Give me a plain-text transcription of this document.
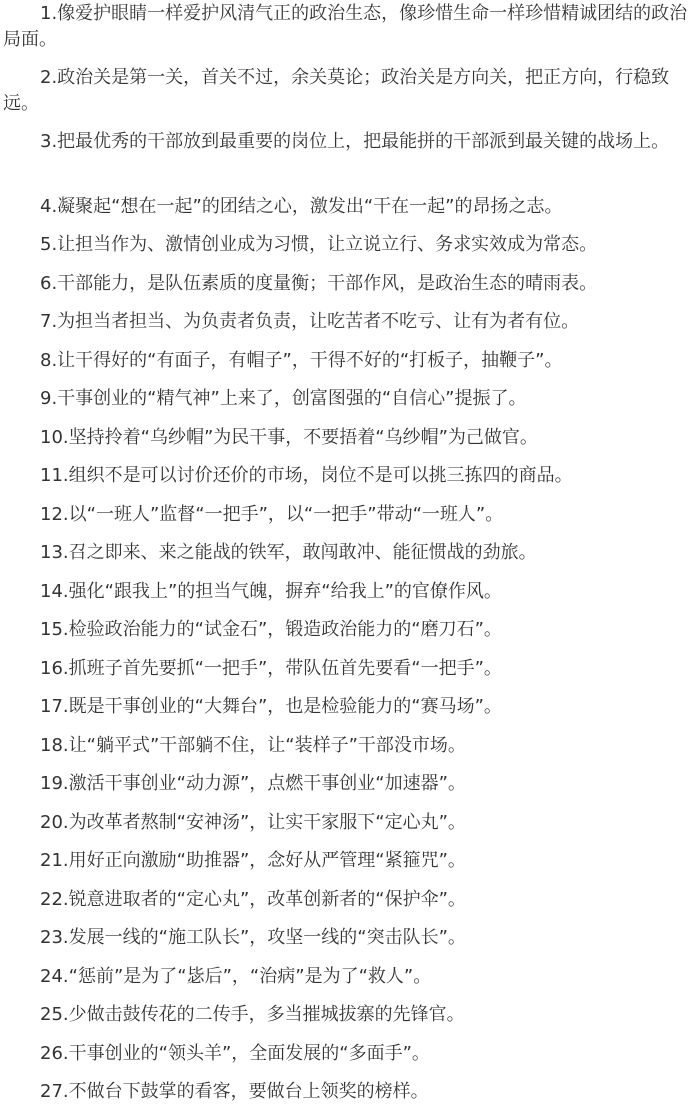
1.像爱护眼睛一样爱护风清气正的政治生态，像珍惜生命一样珍惜精诚团结的政治局面。

2.政治关是第一关，首关不过，余关莫论；政治关是方向关，把正方向，行稳致远。

3.把最优秀的干部放到最重要的岗位上，把最能拼的干部派到最关键的战场上。

4.凝聚起“想在一起”的团结之心，激发出“干在一起”的昂扬之志。

5.让担当作为、激情创业成为习惯，让立说立行、务求实效成为常态。

6.干部能力，是队伍素质的度量衡；干部作风，是政治生态的晴雨表。

7.为担当者担当、为负责者负责，让吃苦者不吃亏、让有为者有位。

8.让干得好的“有面子，有帽子”，干得不好的“打板子，抽鞭子”。

9.干事创业的“精气神”上来了，创富图强的“自信心”提振了。

10.坚持拎着“乌纱帽”为民干事，不要捂着“乌纱帽”为己做官。

11.组织不是可以讨价还价的市场，岗位不是可以挑三拣四的商品。

12.以“一班人”监督“一把手”，以“一把手”带动“一班人”。

13.召之即来、来之能战的铁军，敢闯敢冲、能征惯战的劲旅。

14.强化“跟我上”的担当气魄，摒弃“给我上”的官僚作风。

15.检验政治能力的“试金石”，锻造政治能力的“磨刀石”。

16.抓班子首先要抓“一把手”，带队伍首先要看“一把手”。

17.既是干事创业的“大舞台”，也是检验能力的“赛马场”。

18.让“躺平式”干部躺不住，让“装样子”干部没市场。

19.激活干事创业“动力源”，点燃干事创业“加速器”。

20.为改革者熬制“安神汤”，让实干家服下“定心丸”。

21.用好正向激励“助推器”，念好从严管理“紧箍咒”。

22.锐意进取者的“定心丸”，改革创新者的“保护伞”。

23.发展一线的“施工队长”，攻坚一线的“突击队长”。

24.“惩前”是为了“毖后”，“治病”是为了“救人”。

25.少做击鼓传花的二传手，多当摧城拔寨的先锋官。

26.干事创业的“领头羊”，全面发展的“多面手”。

27.不做台下鼓掌的看客，要做台上领奖的榜样。
